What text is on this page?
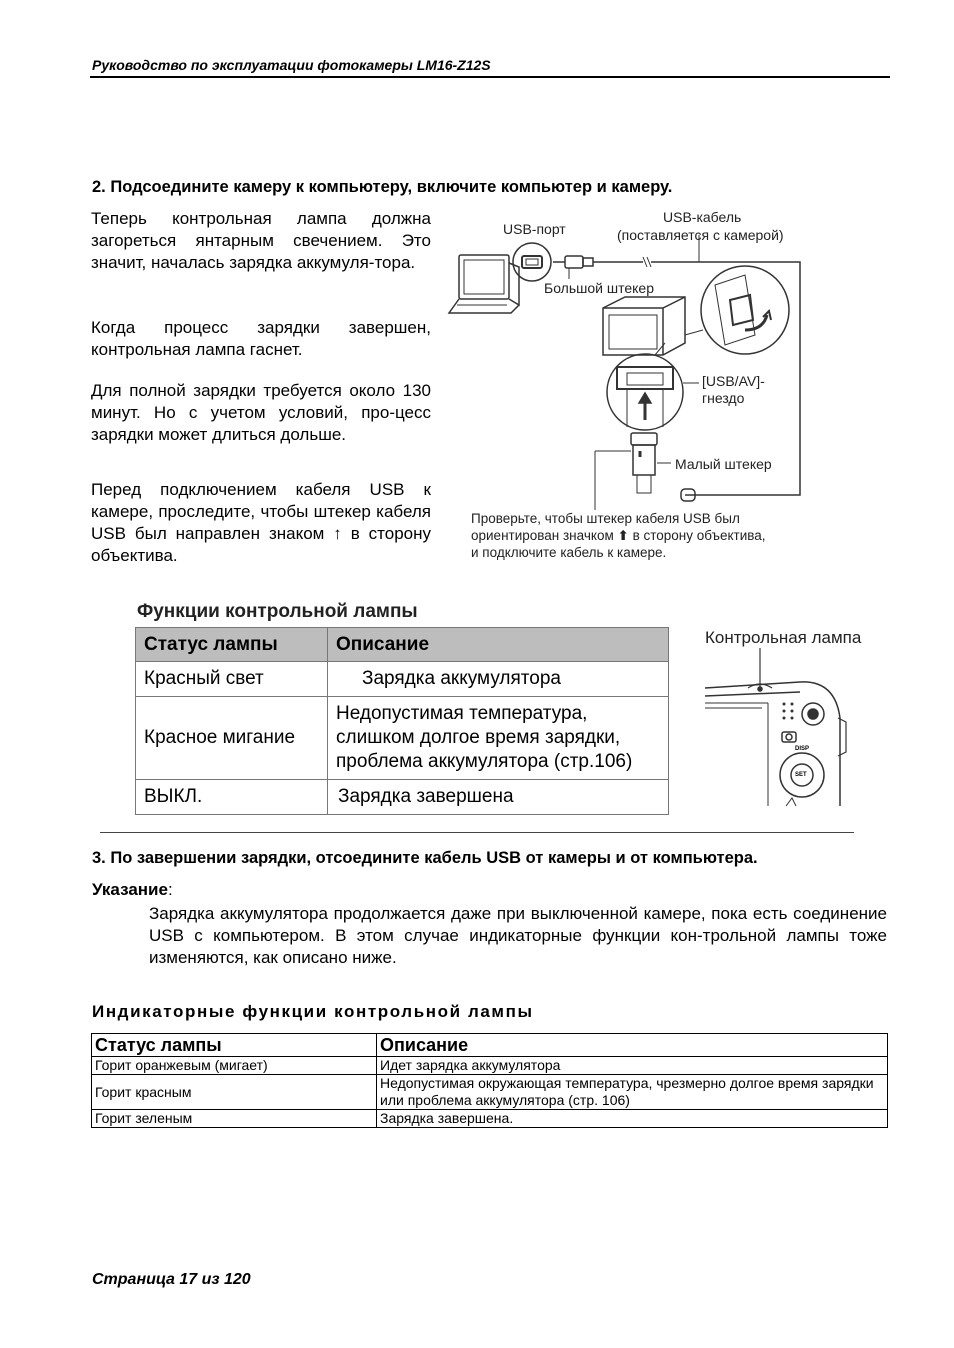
Руководство по эксплуатации фотокамеры LM16-Z12S
2. Подсоедините камеру к компьютеру, включите компьютер и камеру.
Теперь контрольная лампа должна загореться янтарным свечением. Это значит, началась зарядка аккумуля-тора.
Когда процесс зарядки завершен, контрольная лампа гаснет.
Для полной зарядки требуется около 130 минут. Но с учетом условий, про-цесс зарядки может длиться дольше.
Перед подключением кабеля USB к камере, проследите, чтобы штекер кабеля USB был направлен знаком ↑ в сторону объектива.
USB-порт
USB-кабель
(поставляется с камерой)
Большой штекер
[USB/AV]-
гнездо
Малый штекер
Проверьте, чтобы штекер кабеля USB был
ориентирован значком ⬆ в сторону объектива,
и подключите кабель к камере.
Функции контрольной лампы
Статус лампы	Описание
Красный свет	Зарядка аккумулятора
Красное мигание	Недопустимая температура, слишком долгое время зарядки, проблема аккумулятора (стр.106)
ВЫКЛ.	Зарядка завершена
Контрольная лампа
DISP
SET
3. По завершении зарядки, отсоедините кабель USB от камеры и от компьютера.
Указание:
Зарядка аккумулятора продолжается даже при выключенной камере, пока есть соединение USB с компьютером. В этом случае индикаторные функции кон-трольной лампы тоже изменяются, как описано ниже.
Индикаторные функции контрольной лампы
Статус лампы	Описание
Горит оранжевым (мигает)	Идет зарядка аккумулятора
Горит красным	Недопустимая окружающая температура, чрезмерно долгое время зарядки или проблема аккумулятора (стр. 106)
Горит зеленым	Зарядка завершена.
Страница 17 из 120
